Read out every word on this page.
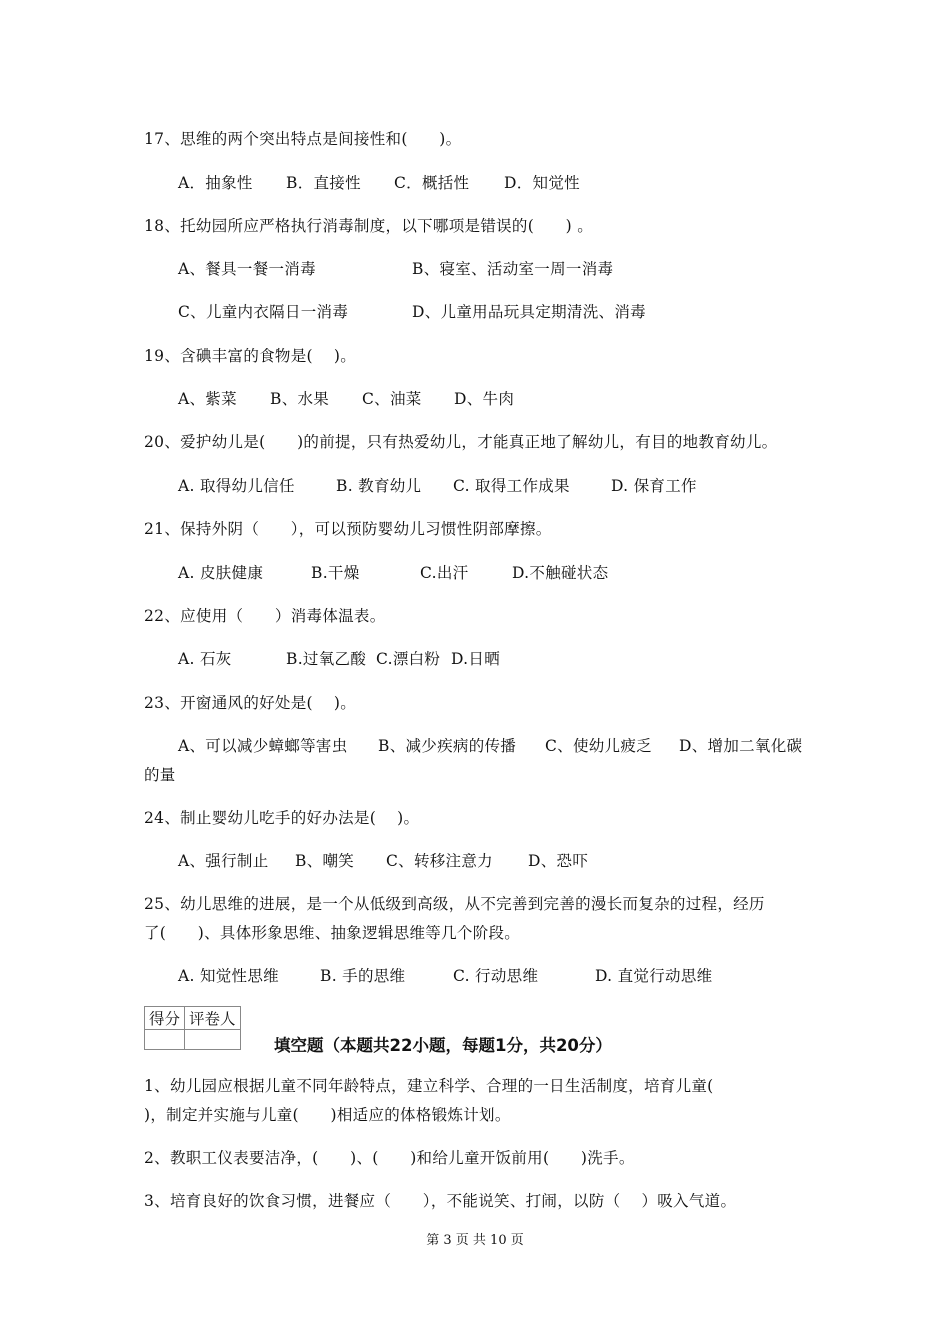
17、思维的两个突出特点是间接性和(　　)。
A．抽象性 B．直接性 C．概括性 D．知觉性
18、托幼园所应严格执行消毒制度，以下哪项是错误的(　　) 。
A、餐具一餐一消毒	B、寝室、活动室一周一消毒
C、儿童内衣隔日一消毒	D、儿童用品玩具定期清洗、消毒
19、含碘丰富的食物是(　 )。
A、紫菜 B、水果 C、油菜 D、牛肉
20、爱护幼儿是(　　)的前提，只有热爱幼儿，才能真正地了解幼儿，有目的地教育幼儿。
A. 取得幼儿信任	B. 教育幼儿 C. 取得工作成果	D. 保育工作
21、保持外阴（　　），可以预防婴幼儿习惯性阴部摩擦。
A. 皮肤健康	B.干燥	C.出汗	D.不触碰状态
22、应使用（　　）消毒体温表。
A. 石灰	B.过氧乙酸 C.漂白粉 D.日晒
23、开窗通风的好处是(　 )。
A、可以减少蟑螂等害虫 B、减少疾病的传播 C、使幼儿疲乏 D、增加二氧化碳
的量
24、制止婴幼儿吃手的好办法是(　 )。
A、强行制止 B、嘲笑 C、转移注意力 D、恐吓
25、幼儿思维的进展，是一个从低级到高级，从不完善到完善的漫长而复杂的过程，经历
了(　　)、具体形象思维、抽象逻辑思维等几个阶段。
A. 知觉性思维	B. 手的思维	C. 行动思维	D. 直觉行动思维
得分	评卷人

填空题（本题共22小题，每题1分，共20分）
1、幼儿园应根据儿童不同年龄特点，建立科学、合理的一日生活制度，培育儿童(
)，制定并实施与儿童(　　)相适应的体格锻炼计划。
2、教职工仪表要洁净，(　　)、(　　)和给儿童开饭前用(　　)洗手。
3、培育良好的饮食习惯，进餐应（　　），不能说笑、打闹，以防（　 ）吸入气道。
第 3 页 共 10 页
